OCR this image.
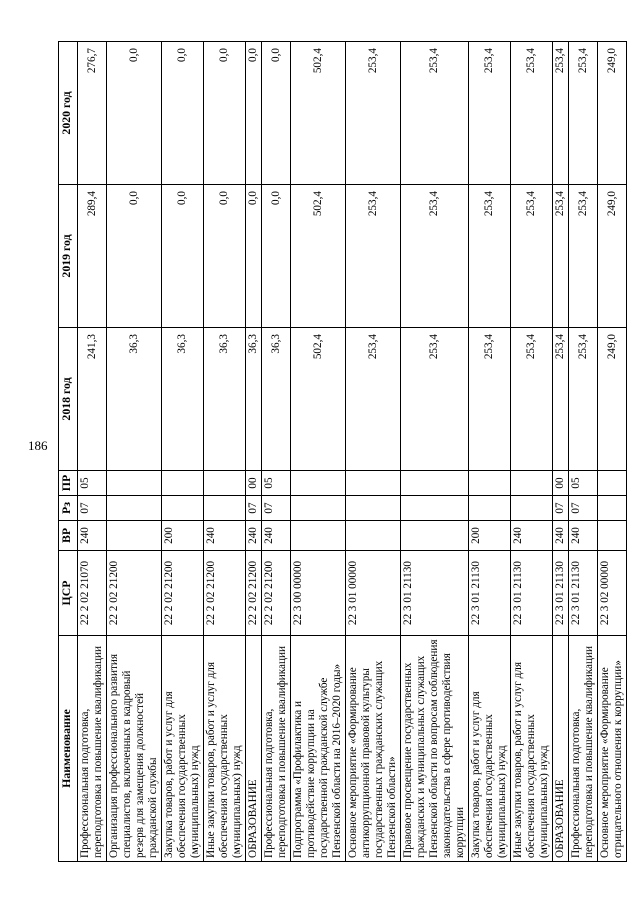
186
Наименование	ЦСР	ВР	Рз	ПР	2018 год	2019 год	2020 год
Профессиональная подготовка, переподготовка и повышение квалификации	22 2 02 21070	240	07	05	241,3	289,4	276,7
Организация профессионального развития специалистов, включенных в кадровый резерв для замещения должностей гражданской службы	22 2 02 21200				36,3	0,0	0,0
Закупка товаров, работ и услуг для обеспечения государственных (муниципальных) нужд	22 2 02 21200	200			36,3	0,0	0,0
Иные закупки товаров, работ и услуг для обеспечения государственных (муниципальных) нужд	22 2 02 21200	240			36,3	0,0	0,0
ОБРАЗОВАНИЕ	22 2 02 21200	240	07	00	36,3	0,0	0,0
Профессиональная подготовка, переподготовка и повышение квалификации	22 2 02 21200	240	07	05	36,3	0,0	0,0
Подпрограмма «Профилактика и противодействие коррупции на государственной гражданской службе Пензенской области на 2016–2020 годы»	22 3 00 00000				502,4	502,4	502,4
Основное мероприятие «Формирование антикоррупционной правовой культуры государственных гражданских служащих Пензенской области»	22 3 01 00000				253,4	253,4	253,4
Правовое просвещение государственных гражданских и муниципальных служащих Пензенской области по вопросам соблюдения законодательства в сфере противодействия коррупции	22 3 01 21130				253,4	253,4	253,4
Закупка товаров, работ и услуг для обеспечения государственных (муниципальных) нужд	22 3 01 21130	200			253,4	253,4	253,4
Иные закупки товаров, работ и услуг для обеспечения государственных (муниципальных) нужд	22 3 01 21130	240			253,4	253,4	253,4
ОБРАЗОВАНИЕ	22 3 01 21130	240	07	00	253,4	253,4	253,4
Профессиональная подготовка, переподготовка и повышение квалификации	22 3 01 21130	240	07	05	253,4	253,4	253,4
Основное мероприятие «Формирование отрицательного отношения к коррупции»	22 3 02 00000				249,0	249,0	249,0
